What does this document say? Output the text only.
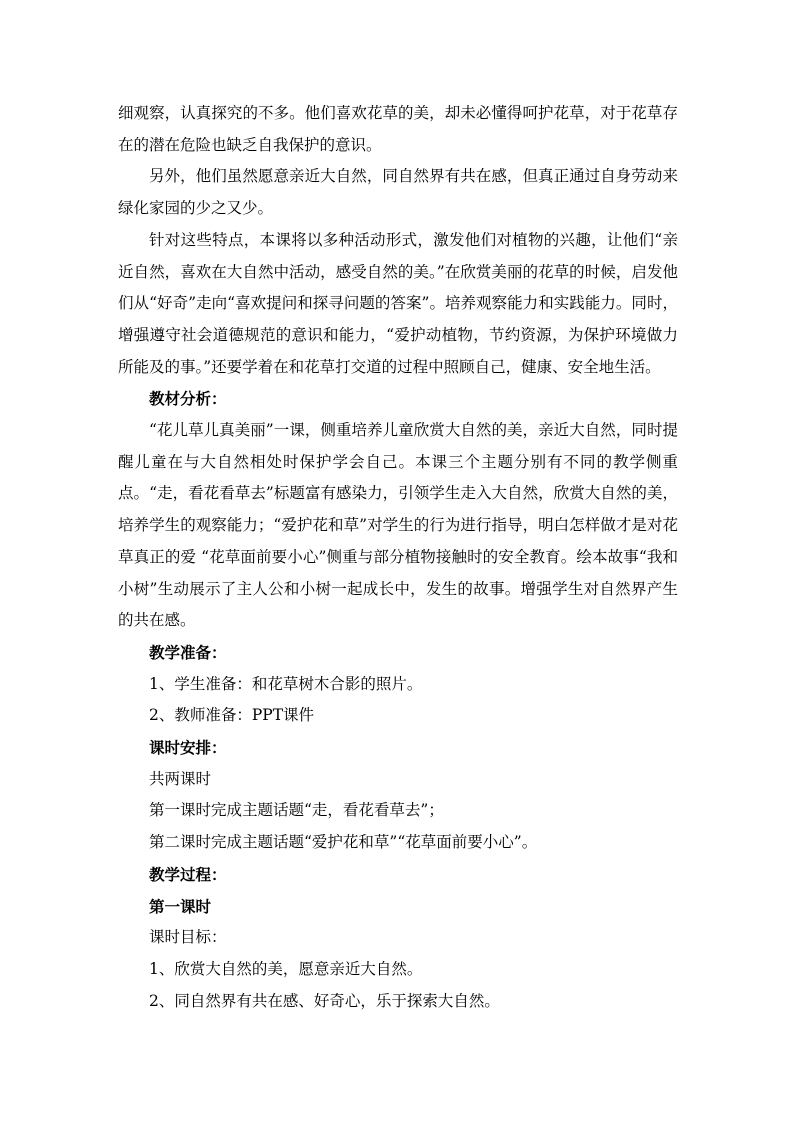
细观察，认真探究的不多。他们喜欢花草的美，却未必懂得呵护花草，对于花草存在的潜在危险也缺乏自我保护的意识。

另外，他们虽然愿意亲近大自然，同自然界有共在感，但真正通过自身劳动来绿化家园的少之又少。

针对这些特点，本课将以多种活动形式，激发他们对植物的兴趣，让他们“亲近自然，喜欢在大自然中活动，感受自然的美。”在欣赏美丽的花草的时候，启发他们从“好奇”走向“喜欢提问和探寻问题的答案”。培养观察能力和实践能力。同时，增强遵守社会道德规范的意识和能力，“爱护动植物，节约资源，为保护环境做力所能及的事。”还要学着在和花草打交道的过程中照顾自己，健康、安全地生活。

教材分析：

“花儿草儿真美丽”一课，侧重培养儿童欣赏大自然的美，亲近大自然，同时提醒儿童在与大自然相处时保护学会自己。本课三个主题分别有不同的教学侧重点。“走，看花看草去”标题富有感染力，引领学生走入大自然，欣赏大自然的美，培养学生的观察能力；“爱护花和草”对学生的行为进行指导，明白怎样做才是对花草真正的爱 “花草面前要小心”侧重与部分植物接触时的安全教育。绘本故事“我和小树”生动展示了主人公和小树一起成长中，发生的故事。增强学生对自然界产生的共在感。

教学准备：

1、学生准备：和花草树木合影的照片。

2、教师准备：PPT课件

课时安排：

共两课时

第一课时完成主题话题“走，看花看草去”；

第二课时完成主题话题“爱护花和草”“花草面前要小心”。

教学过程：

第一课时

课时目标：

1、欣赏大自然的美，愿意亲近大自然。

2、同自然界有共在感、好奇心，乐于探索大自然。
